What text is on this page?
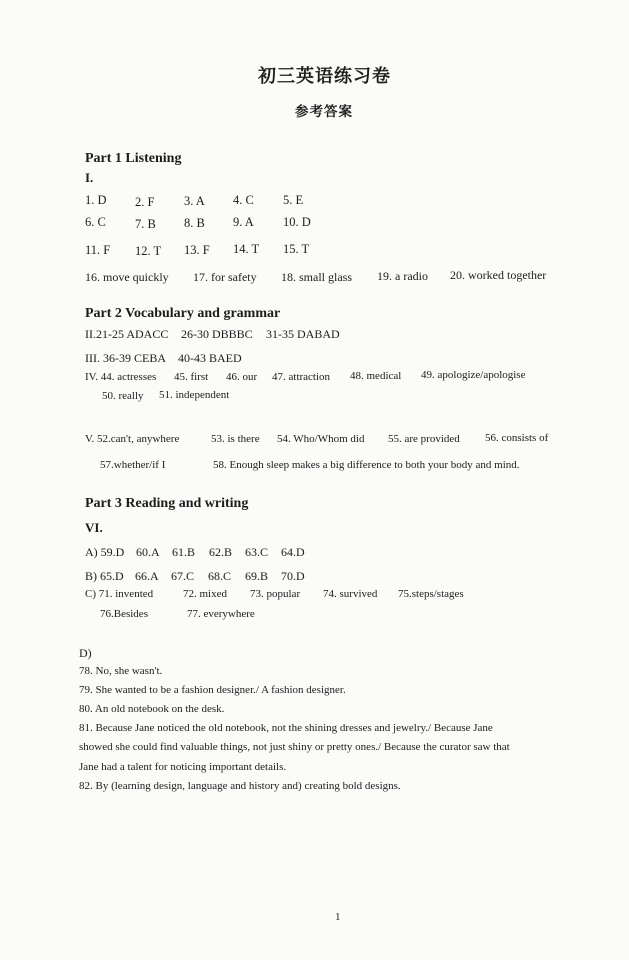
初三英语练习卷
参考答案
Part 1 Listening
I.
1. D 2. F 3. A 4. C 5. E
6. C 7. B 8. B 9. A 10. D
11. F 12. T 13. F 14. T 15. T
16. move quickly 17. for safety 18. small glass 19. a radio 20. worked together
Part 2 Vocabulary and grammar
II.21-25 ADACC 26-30 DBBBC 31-35 DABAD
III. 36-39 CEBA 40-43 BAED
IV. 44. actresses 45. first 46. our 47. attraction 48. medical 49. apologize/apologise
50. really 51. independent
V. 52.can't, anywhere	53. is there 54. Who/Whom did 55. are provided 56. consists of
57.whether/if I	58. Enough sleep makes a big difference to both your body and mind.
Part 3 Reading and writing
VI.
A) 59.D 60.A 61.B 62.B 63.C 64.D
B) 65.D 66.A 67.C 68.C 69.B 70.D
C) 71. invented	72. mixed 73. popular 74. survived 75.steps/stages
76.Besides	77. everywhere
D)
78. No, she wasn't.
79. She wanted to be a fashion designer./ A fashion designer.
80. An old notebook on the desk.
81. Because Jane noticed the old notebook, not the shining dresses and jewelry./ Because Jane
showed she could find valuable things, not just shiny or pretty ones./ Because the curator saw that
Jane had a talent for noticing important details.
82. By (learning design, language and history and) creating bold designs.
1
